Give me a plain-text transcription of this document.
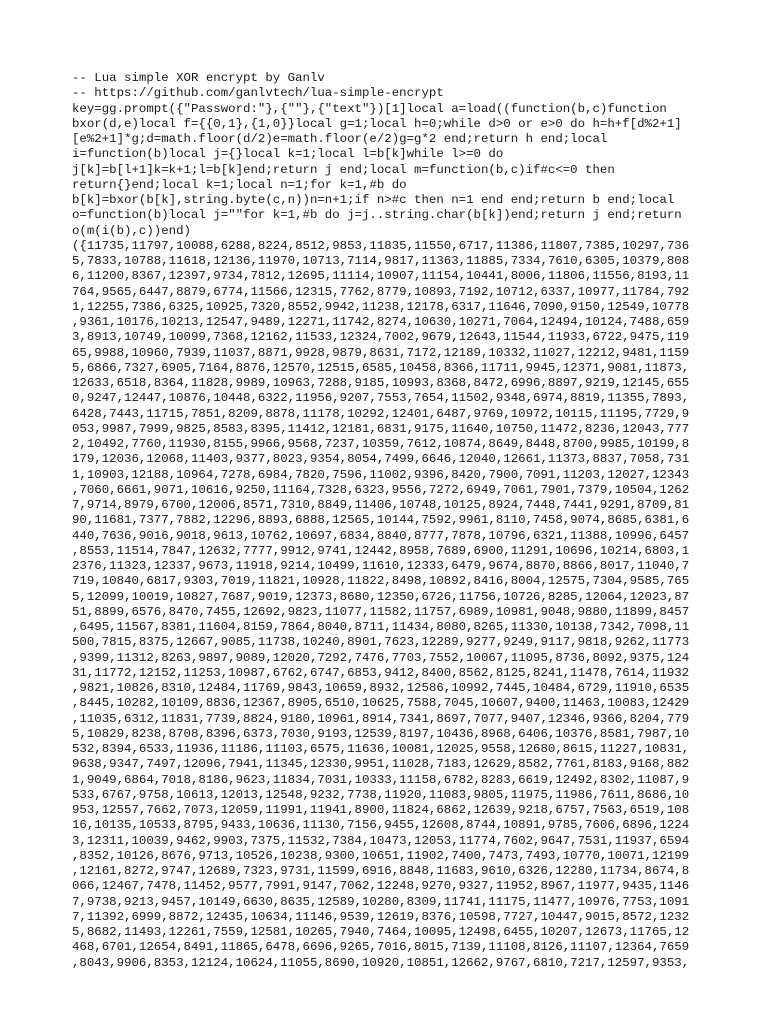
-- Lua simple XOR encrypt by Ganlv
-- https://github.com/ganlvtech/lua-simple-encrypt
key=gg.prompt({"Password:"},{""},{"text"})[1]local a=load((function(b,c)function
bxor(d,e)local f={{0,1},{1,0}}local g=1;local h=0;while d>0 or e>0 do h=h+f[d%2+1]
[e%2+1]*g;d=math.floor(d/2)e=math.floor(e/2)g=g*2 end;return h end;local
i=function(b)local j={}local k=1;local l=b[k]while l>=0 do
j[k]=b[l+1]k=k+1;l=b[k]end;return j end;local m=function(b,c)if#c<=0 then
return{}end;local k=1;local n=1;for k=1,#b do
b[k]=bxor(b[k],string.byte(c,n))n=n+1;if n>#c then n=1 end end;return b end;local
o=function(b)local j=""for k=1,#b do j=j..string.char(b[k])end;return j end;return
o(m(i(b),c))end)
({11735,11797,10088,6288,8224,8512,9853,11835,11550,6717,11386,11807,7385,10297,736
5,7833,10788,11618,12136,11970,10713,7114,9817,11363,11885,7334,7610,6305,10379,808
6,11200,8367,12397,9734,7812,12695,11114,10907,11154,10441,8006,11806,11556,8193,11
764,9565,6447,8879,6774,11566,12315,7762,8779,10893,7192,10712,6337,10977,11784,792
1,12255,7386,6325,10925,7320,8552,9942,11238,12178,6317,11646,7090,9150,12549,10778
,9361,10176,10213,12547,9489,12271,11742,8274,10630,10271,7064,12494,10124,7488,659
3,8913,10749,10099,7368,12162,11533,12324,7002,9679,12643,11544,11933,6722,9475,119
65,9988,10960,7939,11037,8871,9928,9879,8631,7172,12189,10332,11027,12212,9481,1159
5,6866,7327,6905,7164,8876,12570,12515,6585,10458,8366,11711,9945,12371,9081,11873,
12633,6518,8364,11828,9989,10963,7288,9185,10993,8368,8472,6996,8897,9219,12145,655
0,9247,12447,10876,10448,6322,11956,9207,7553,7654,11502,9348,6974,8819,11355,7893,
6428,7443,11715,7851,8209,8878,11178,10292,12401,6487,9769,10972,10115,11195,7729,9
053,9987,7999,9825,8583,8395,11412,12181,6831,9175,11640,10750,11472,8236,12043,777
2,10492,7760,11930,8155,9966,9568,7237,10359,7612,10874,8649,8448,8700,9985,10199,8
179,12036,12068,11403,9377,8023,9354,8054,7499,6646,12040,12661,11373,8837,7058,731
1,10903,12188,10964,7278,6984,7820,7596,11002,9396,8420,7900,7091,11203,12027,12343
,7060,6661,9071,10616,9250,11164,7328,6323,9556,7272,6949,7061,7901,7379,10504,1262
7,9714,8979,6700,12006,8571,7310,8849,11406,10748,10125,8924,7448,7441,9291,8709,81
90,11681,7377,7882,12296,8893,6888,12565,10144,7592,9961,8110,7458,9074,8685,6381,6
440,7636,9016,9018,9613,10762,10697,6834,8840,8777,7878,10796,6321,11388,10996,6457
,8553,11514,7847,12632,7777,9912,9741,12442,8958,7689,6900,11291,10696,10214,6803,1
2376,11323,12337,9673,11918,9214,10499,11610,12333,6479,9674,8870,8866,8017,11040,7
719,10840,6817,9303,7019,11821,10928,11822,8498,10892,8416,8004,12575,7304,9585,765
5,12099,10019,10827,7687,9019,12373,8680,12350,6726,11756,10726,8285,12064,12023,87
51,8899,6576,8470,7455,12692,9823,11077,11582,11757,6989,10981,9048,9880,11899,8457
,6495,11567,8381,11604,8159,7864,8040,8711,11434,8080,8265,11330,10138,7342,7098,11
500,7815,8375,12667,9085,11738,10240,8901,7623,12289,9277,9249,9117,9818,9262,11773
,9399,11312,8263,9897,9089,12020,7292,7476,7703,7552,10067,11095,8736,8092,9375,124
31,11772,12152,11253,10987,6762,6747,6853,9412,8400,8562,8125,8241,11478,7614,11932
,9821,10826,8310,12484,11769,9843,10659,8932,12586,10992,7445,10484,6729,11910,6535
,8445,10282,10109,8836,12367,8905,6510,10625,7588,7045,10607,9400,11463,10083,12429
,11035,6312,11831,7739,8824,9180,10961,8914,7341,8697,7077,9407,12346,9366,8204,779
5,10829,8238,8708,8396,6373,7030,9193,12539,8197,10436,8968,6406,10376,8581,7987,10
532,8394,6533,11936,11186,11103,6575,11636,10081,12025,9558,12680,8615,11227,10831,
9638,9347,7497,12096,7941,11345,12330,9951,11028,7183,12629,8582,7761,8183,9168,882
1,9049,6864,7018,8186,9623,11834,7031,10333,11158,6782,8283,6619,12492,8302,11087,9
533,6767,9758,10613,12013,12548,9232,7738,11920,11083,9805,11975,11986,7611,8686,10
953,12557,7662,7073,12059,11991,11941,8900,11824,6862,12639,9218,6757,7563,6519,108
16,10135,10533,8795,9433,10636,11130,7156,9455,12608,8744,10891,9785,7606,6896,1224
3,12311,10039,9462,9903,7375,11532,7384,10473,12053,11774,7602,9647,7531,11937,6594
,8352,10126,8676,9713,10526,10238,9300,10651,11902,7400,7473,7493,10770,10071,12199
,12161,8272,9747,12689,7323,9731,11599,6916,8848,11683,9610,6326,12280,11734,8674,8
066,12467,7478,11452,9577,7991,9147,7062,12248,9270,9327,11952,8967,11977,9435,1146
7,9738,9213,9457,10149,6630,8635,12589,10280,8309,11741,11175,11477,10976,7753,1091
7,11392,6999,8872,12435,10634,11146,9539,12619,8376,10598,7727,10447,9015,8572,1232
5,8682,11493,12261,7559,12581,10265,7940,7464,10095,12498,6455,10207,12673,11765,12
468,6701,12654,8491,11865,6478,6696,9265,7016,8015,7139,11108,8126,11107,12364,7659
,8043,9906,8353,12124,10624,11055,8690,10920,10851,12662,9767,6810,7217,12597,9353,
